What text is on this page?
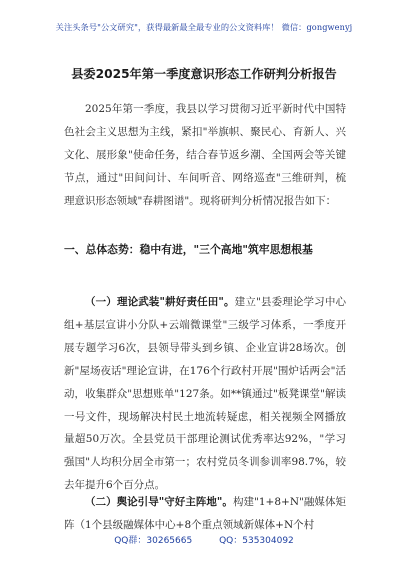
关注头条号"公文研究"，获得最新最全最专业的公文资料库！ 微信：gongwenyj
县委2025年第一季度意识形态工作研判分析报告

2025年第一季度，我县以学习贯彻习近平新时代中国特色社会主义思想为主线，紧扣"举旗帜、聚民心、育新人、兴文化、展形象"使命任务，结合春节返乡潮、全国两会等关键节点，通过"田间问计、车间听音、网络巡查"三维研判，梳理意识形态领域"春耕图谱"。现将研判分析情况报告如下：

一、总体态势：稳中有进，"三个高地"筑牢思想根基

（一）理论武装"耕好责任田"。建立"县委理论学习中心组+基层宣讲小分队+云端微课堂"三级学习体系，一季度开展专题学习6次，县领导带头到乡镇、企业宣讲28场次。创新"屋场夜话"理论宣讲，在176个行政村开展"围炉话两会"活动，收集群众"思想账单"127条。如**镇通过"板凳课堂"解读一号文件，现场解决村民土地流转疑虑，相关视频全网播放量超50万次。全县党员干部理论测试优秀率达92%，"学习强国"人均积分居全市第一；农村党员冬训参训率98.7%，较去年提升6个百分点。

（二）舆论引导"守好主阵地"。构建"1+8+N"融媒体矩阵（1个县级融媒体中心+8个重点领域新媒体+N个村

QQ群：30265665	QQ：535304092
